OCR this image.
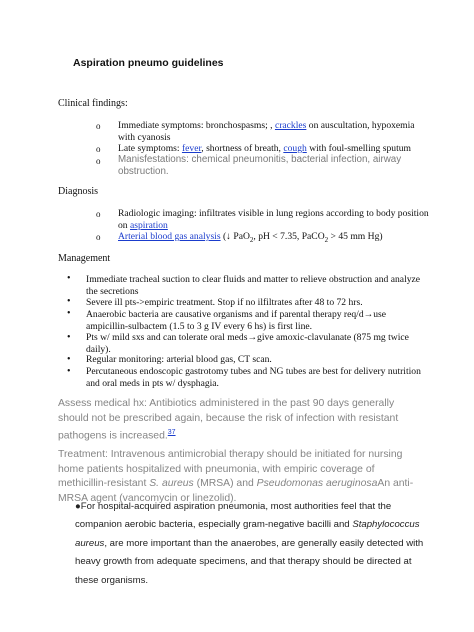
Aspiration pneumo guidelines
Clinical findings:
o Immediate symptoms: bronchospasms; , crackles on auscultation, hypoxemia with cyanosis
o Late symptoms: fever, shortness of breath, cough with foul-smelling sputum
o Manisfestations: chemical pneumonitis, bacterial infection, airway obstruction.
Diagnosis
o Radiologic imaging: infiltrates visible in lung regions according to body position on aspiration
o Arterial blood gas analysis (↓ PaO$_2$, pH < 7.35, PaCO$_2$ > 45 mm Hg)
Management
• Immediate tracheal suction to clear fluids and matter to relieve obstruction and analyze the secretions
• Severe ill pts->empiric treatment. Stop if no ilfiltrates after 48 to 72 hrs.
• Anaerobic bacteria are causative organisms and if parental therapy req/d→use ampicillin-sulbactem (1.5 to 3 g IV every 6 hs) is first line.
• Pts w/ mild sxs and can tolerate oral meds→give amoxic-clavulanate (875 mg twice daily).
• Regular monitoring: arterial blood gas, CT scan.
• Percutaneous endoscopic gastrotomy tubes and NG tubes are best for delivery nutrition and oral meds in pts w/ dysphagia.
Assess medical hx: Antibiotics administered in the past 90 days generally should not be prescribed again, because the risk of infection with resistant pathogens is increased.$^{37}$
Treatment: Intravenous antimicrobial therapy should be initiated for nursing home patients hospitalized with pneumonia, with empiric coverage of methicillin-resistant S. aureus (MRSA) and Pseudomonas aeruginosaAn anti-MRSA agent (vancomycin or linezolid).
●For hospital-acquired aspiration pneumonia, most authorities feel that the companion aerobic bacteria, especially gram-negative bacilli and Staphylococcus aureus, are more important than the anaerobes, are generally easily detected with heavy growth from adequate specimens, and that therapy should be directed at these organisms.
